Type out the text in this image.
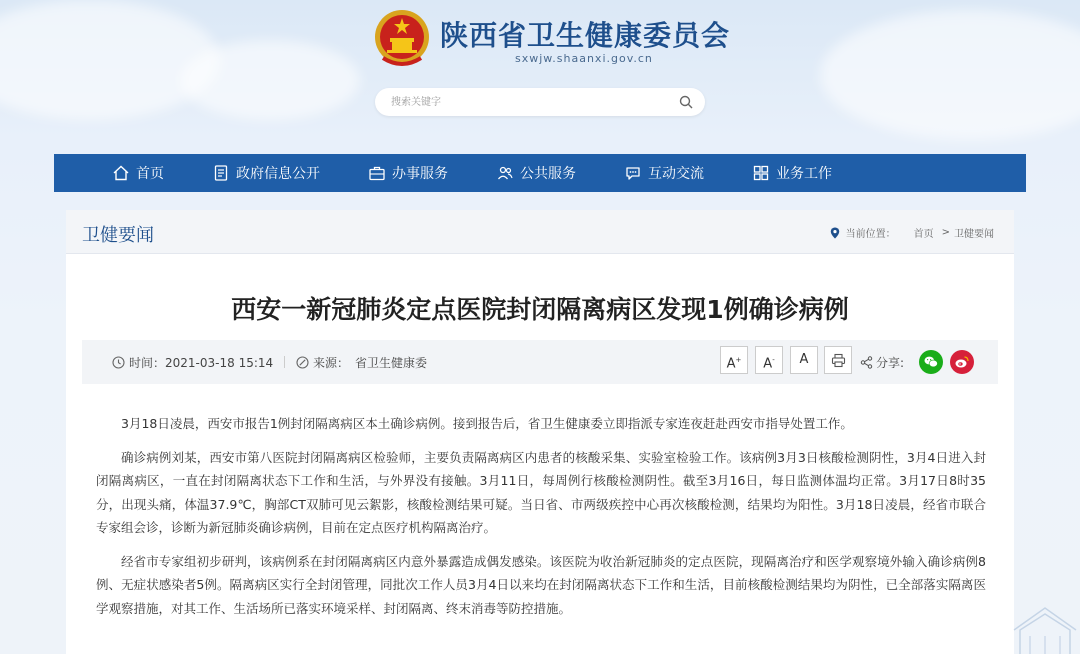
陕西省卫生健康委员会
sxwjw.shaanxi.gov.cn
搜索关键字
首页	政府信息公开	办事服务	公共服务	互动交流	业务工作
卫健要闻	当前位置： 首页 > 卫健要闻
西安一新冠肺炎定点医院封闭隔离病区发现1例确诊病例
时间： 2021-03-18 15:14	来源： 省卫生健康委	A+	A-	A	分享:

3月18日凌晨，西安市报告1例封闭隔离病区本土确诊病例。接到报告后，省卫生健康委立即指派专家连夜赶赴西安市指导处置工作。

确诊病例刘某，西安市第八医院封闭隔离病区检验师，主要负责隔离病区内患者的核酸采集、实验室检验工作。该病例3月3日核酸检测阴性，3月4日进入封闭隔离病区，一直在封闭隔离状态下工作和生活，与外界没有接触。3月11日，每周例行核酸检测阴性。截至3月16日，每日监测体温均正常。3月17日8时35分，出现头痛，体温37.9℃，胸部CT双肺可见云絮影，核酸检测结果可疑。当日省、市两级疾控中心再次核酸检测，结果均为阳性。3月18日凌晨，经省市联合专家组会诊，诊断为新冠肺炎确诊病例，目前在定点医疗机构隔离治疗。

经省市专家组初步研判，该病例系在封闭隔离病区内意外暴露造成偶发感染。该医院为收治新冠肺炎的定点医院，现隔离治疗和医学观察境外输入确诊病例8例、无症状感染者5例。隔离病区实行全封闭管理，同批次工作人员3月4日以来均在封闭隔离状态下工作和生活，目前核酸检测结果均为阴性，已全部落实隔离医学观察措施，对其工作、生活场所已落实环境采样、封闭隔离、终末消毒等防控措施。
